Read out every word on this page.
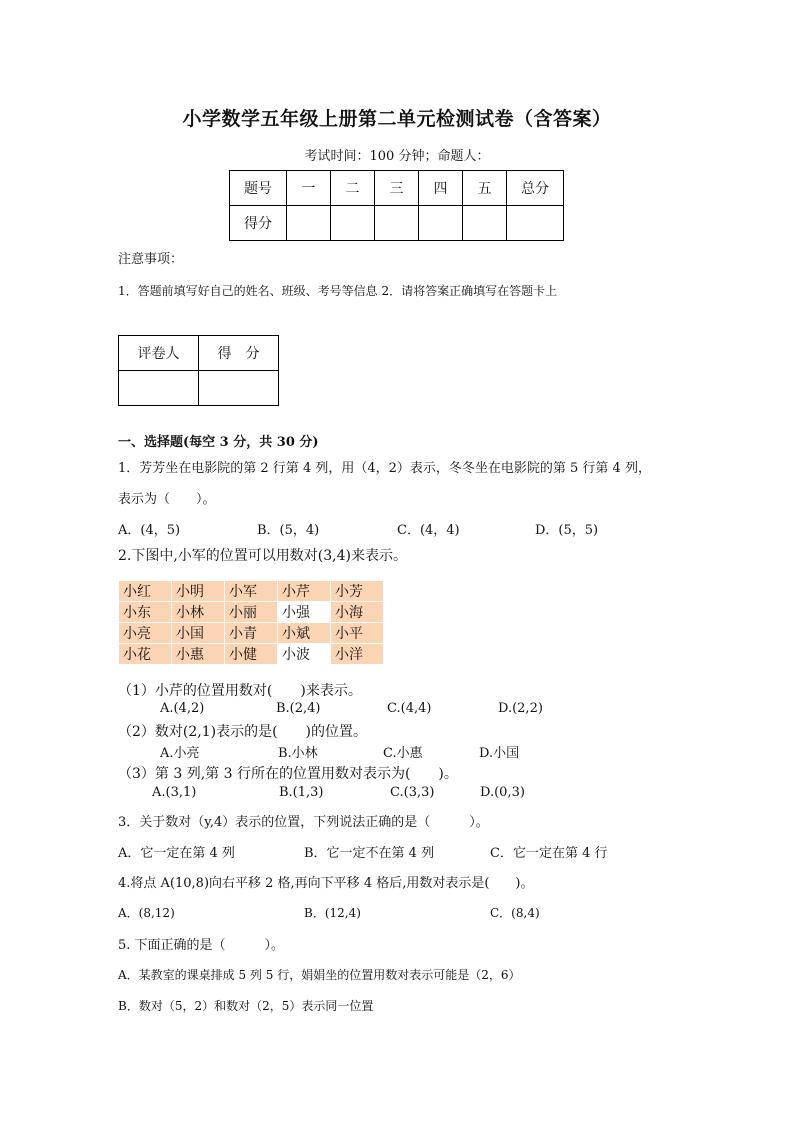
小学数学五年级上册第二单元检测试卷（含答案）
考试时间：100 分钟；命题人：
题号	一	二	三	四	五	总分
得分						
注意事项：
1．答题前填写好自己的姓名、班级、考号等信息 2．请将答案正确填写在答题卡上
评卷人	得　分

一、选择题(每空 3 分，共 30 分)
1．芳芳坐在电影院的第 2 行第 4 列，用（4，2）表示，冬冬坐在电影院的第 5 行第 4 列，
表示为（　　）。
A．(4，5)	B．(5，4)	C．(4，4)	D．(5，5)
2.下图中,小军的位置可以用数对(3,4)来表示。
小红	小明	小军	小芹	小芳
小东	小林	小丽	小强	小海
小亮	小国	小青	小斌	小平
小花	小惠	小健	小波	小洋
（1）小芹的位置用数对(　　)来表示。
A.(4,2)	B.(2,4)	C.(4,4)	D.(2,2)
（2）数对(2,1)表示的是(　　)的位置。
A.小亮	B.小林	C.小惠	D.小国
（3）第 3 列,第 3 行所在的位置用数对表示为(　　)。
A.(3,1)	B.(1,3)	C.(3,3)	D.(0,3)
3．关于数对（y,4）表示的位置，下列说法正确的是（　　　）。
A．它一定在第 4 列	B．它一定不在第 4 列	C．它一定在第 4 行
4.将点 A(10,8)向右平移 2 格,再向下平移 4 格后,用数对表示是(　　)。
A．(8,12)	B．(12,4)	C．(8,4)
5. 下面正确的是（　　　）。
A．某教室的课桌排成 5 列 5 行，娟娟坐的位置用数对表示可能是（2，6）
B．数对（5，2）和数对（2，5）表示同一位置
